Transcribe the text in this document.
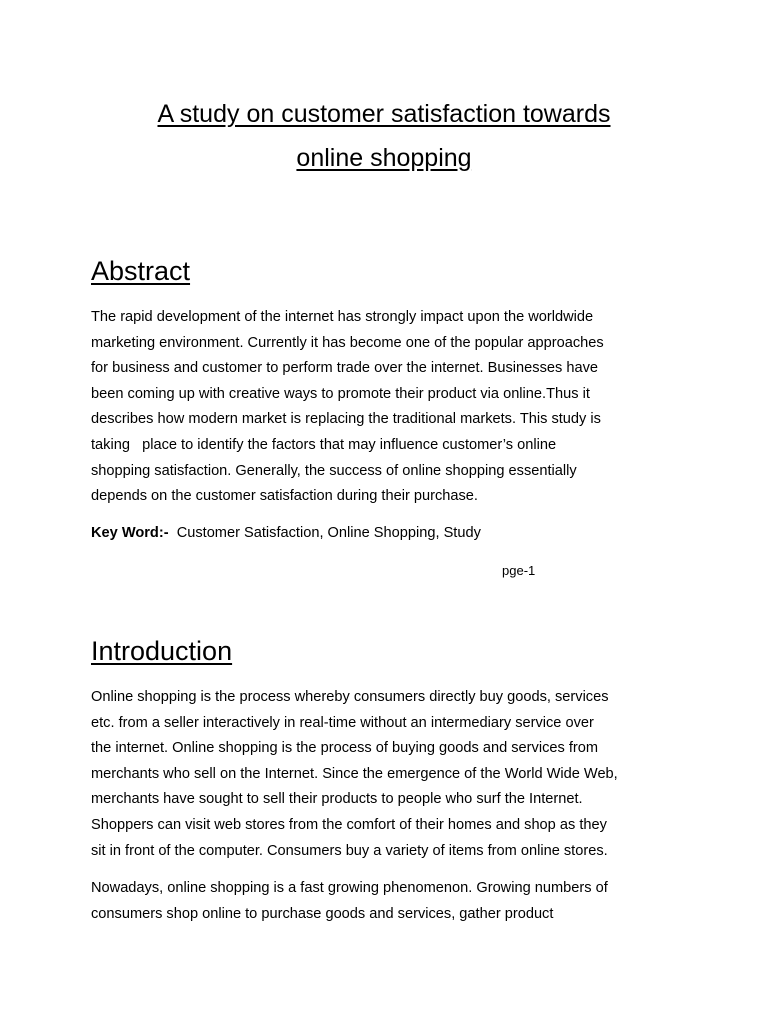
A study on customer satisfaction towards
online shopping
Abstract

The rapid development of the internet has strongly impact upon the worldwide
marketing environment. Currently it has become one of the popular approaches
for business and customer to perform trade over the internet. Businesses have
been coming up with creative ways to promote their product via online.Thus it
describes how modern market is replacing the traditional markets. This study is
taking   place to identify the factors that may influence customer’s online
shopping satisfaction. Generally, the success of online shopping essentially
depends on the customer satisfaction during their purchase.

Key Word:- Customer Satisfaction, Online Shopping, Study
pge-1
Introduction

Online shopping is the process whereby consumers directly buy goods, services
etc. from a seller interactively in real-time without an intermediary service over
the internet. Online shopping is the process of buying goods and services from
merchants who sell on the Internet. Since the emergence of the World Wide Web,
merchants have sought to sell their products to people who surf the Internet.
Shoppers can visit web stores from the comfort of their homes and shop as they
sit in front of the computer. Consumers buy a variety of items from online stores.

Nowadays, online shopping is a fast growing phenomenon. Growing numbers of
consumers shop online to purchase goods and services, gather product
